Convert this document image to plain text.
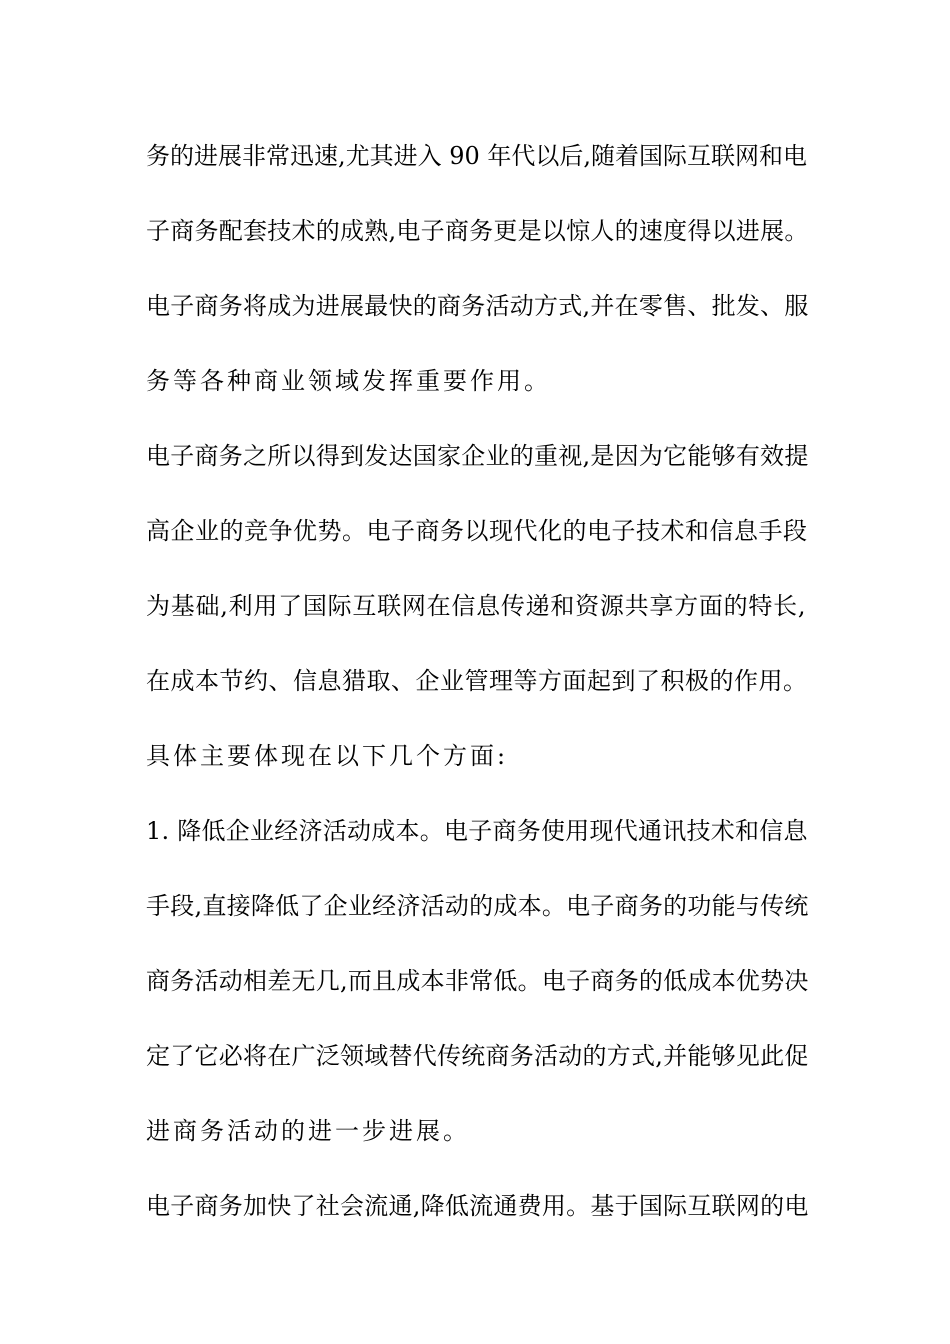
务的进展非常迅速,尤其进入 90 年代以后,随着国际互联网和电
子商务配套技术的成熟,电子商务更是以惊人的速度得以进展。
电子商务将成为进展最快的商务活动方式,并在零售、批发、服
务等各种商业领域发挥重要作用。
电子商务之所以得到发达国家企业的重视,是因为它能够有效提
高企业的竞争优势。电子商务以现代化的电子技术和信息手段
为基础,利用了国际互联网在信息传递和资源共享方面的特长,
在成本节约、信息猎取、企业管理等方面起到了积极的作用。
具体主要体现在以下几个方面:
1. 降低企业经济活动成本。电子商务使用现代通讯技术和信息
手段,直接降低了企业经济活动的成本。电子商务的功能与传统
商务活动相差无几,而且成本非常低。电子商务的低成本优势决
定了它必将在广泛领域替代传统商务活动的方式,并能够见此促
进商务活动的进一步进展。
电子商务加快了社会流通,降低流通费用。基于国际互联网的电
